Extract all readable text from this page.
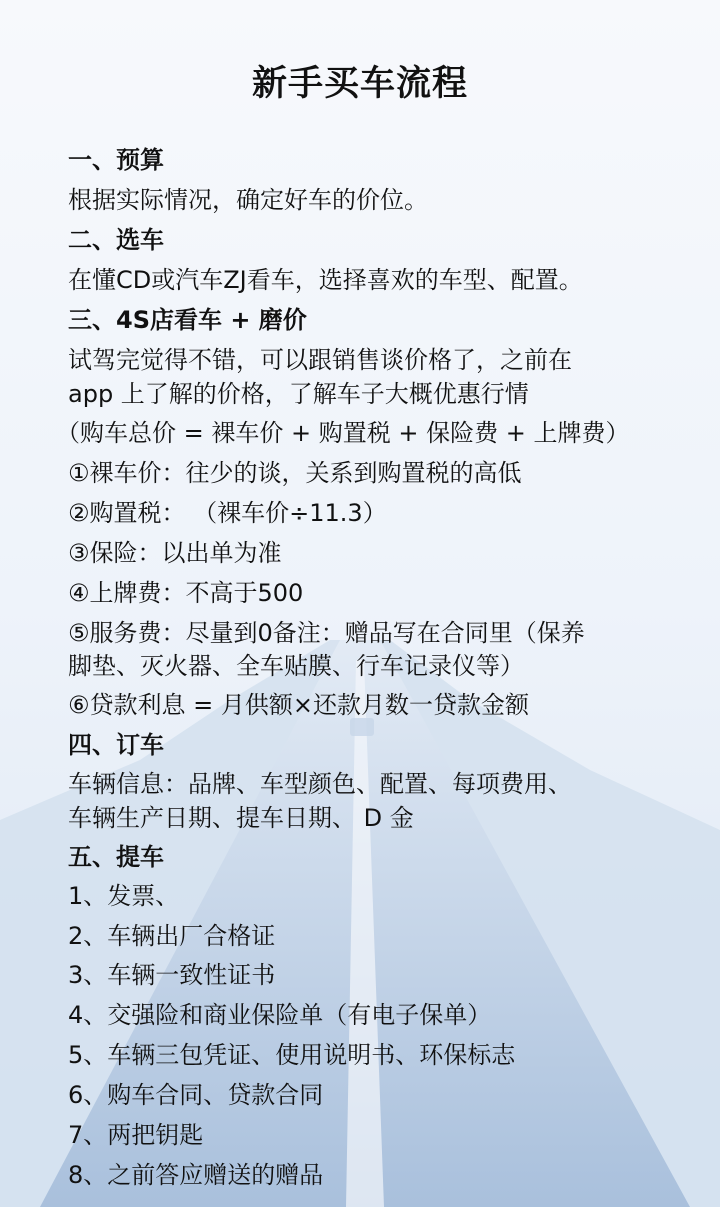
新手买车流程
一、预算
根据实际情况，确定好车的价位。
二、选车
在懂CD或汽车ZJ看车，选择喜欢的车型、配置。
三、4S店看车 + 磨价
试驾完觉得不错，可以跟销售谈价格了，之前在
app 上了解的价格，了解车子大概优惠行情
（购车总价 = 裸车价 + 购置税 + 保险费 + 上牌费）
①裸车价：往少的谈，关系到购置税的高低
②购置税： （裸车价÷11.3）
③保险：以出单为准
④上牌费：不高于500
⑤服务费：尽量到0备注：赠品写在合同里（保养
脚垫、灭火器、全车贴膜、行车记录仪等）
⑥贷款利息 = 月供额×还款月数一贷款金额
四、订车
车辆信息：品牌、车型颜色、配置、每项费用、
车辆生产日期、提车日期、 D 金
五、提车
1、发票、
2、车辆出厂合格证
3、车辆一致性证书
4、交强险和商业保险单（有电子保单）
5、车辆三包凭证、使用说明书、环保标志
6、购车合同、贷款合同
7、两把钥匙
8、之前答应赠送的赠品
